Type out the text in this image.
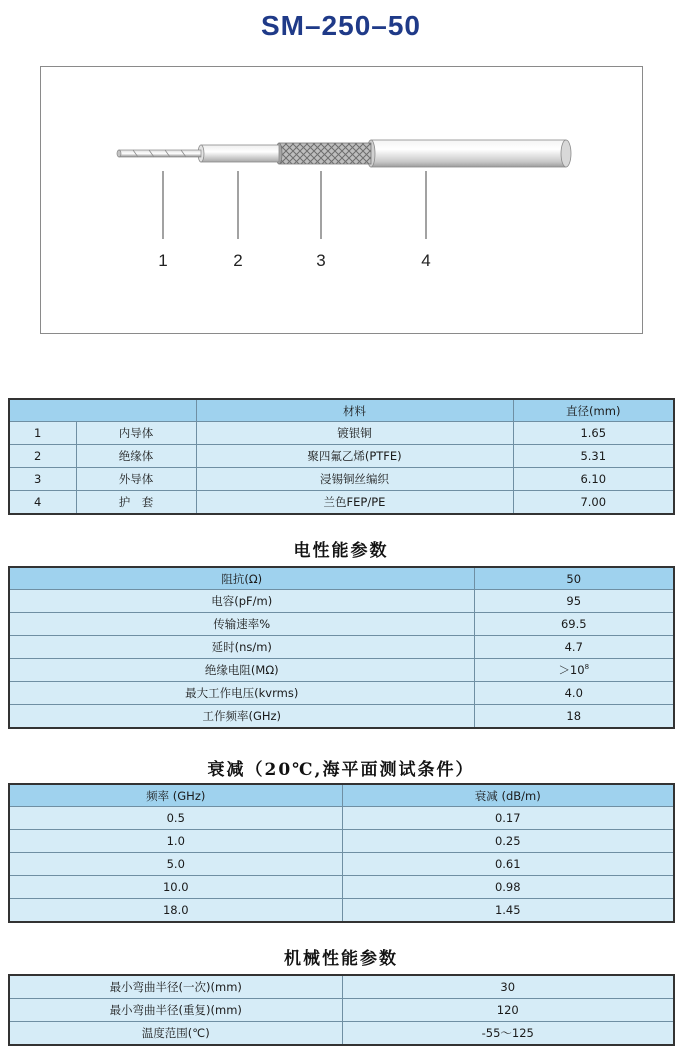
SM–250–50
1	2	3	4
		材料	直径(mm)
1	内导体	镀银铜	1.65
2	绝缘体	聚四氟乙烯(PTFE)	5.31
3	外导体	浸锡铜丝编织	6.10
4	护　套	兰色FEP/PE	7.00
电性能参数
阻抗(Ω)	50
电容(pF/m)	95
传输速率%	69.5
延时(ns/m)	4.7
绝缘电阻(MΩ)	$>10^8$
最大工作电压(kvrms)	4.0
工作频率(GHz)	18
衰减（20℃,海平面测试条件）
频率 (GHz)	衰减 (dB/m)
0.5	0.17
1.0	0.25
5.0	0.61
10.0	0.98
18.0	1.45
机械性能参数
最小弯曲半径(一次)(mm)	30
最小弯曲半径(重复)(mm)	120
温度范围(℃)	-55～125
